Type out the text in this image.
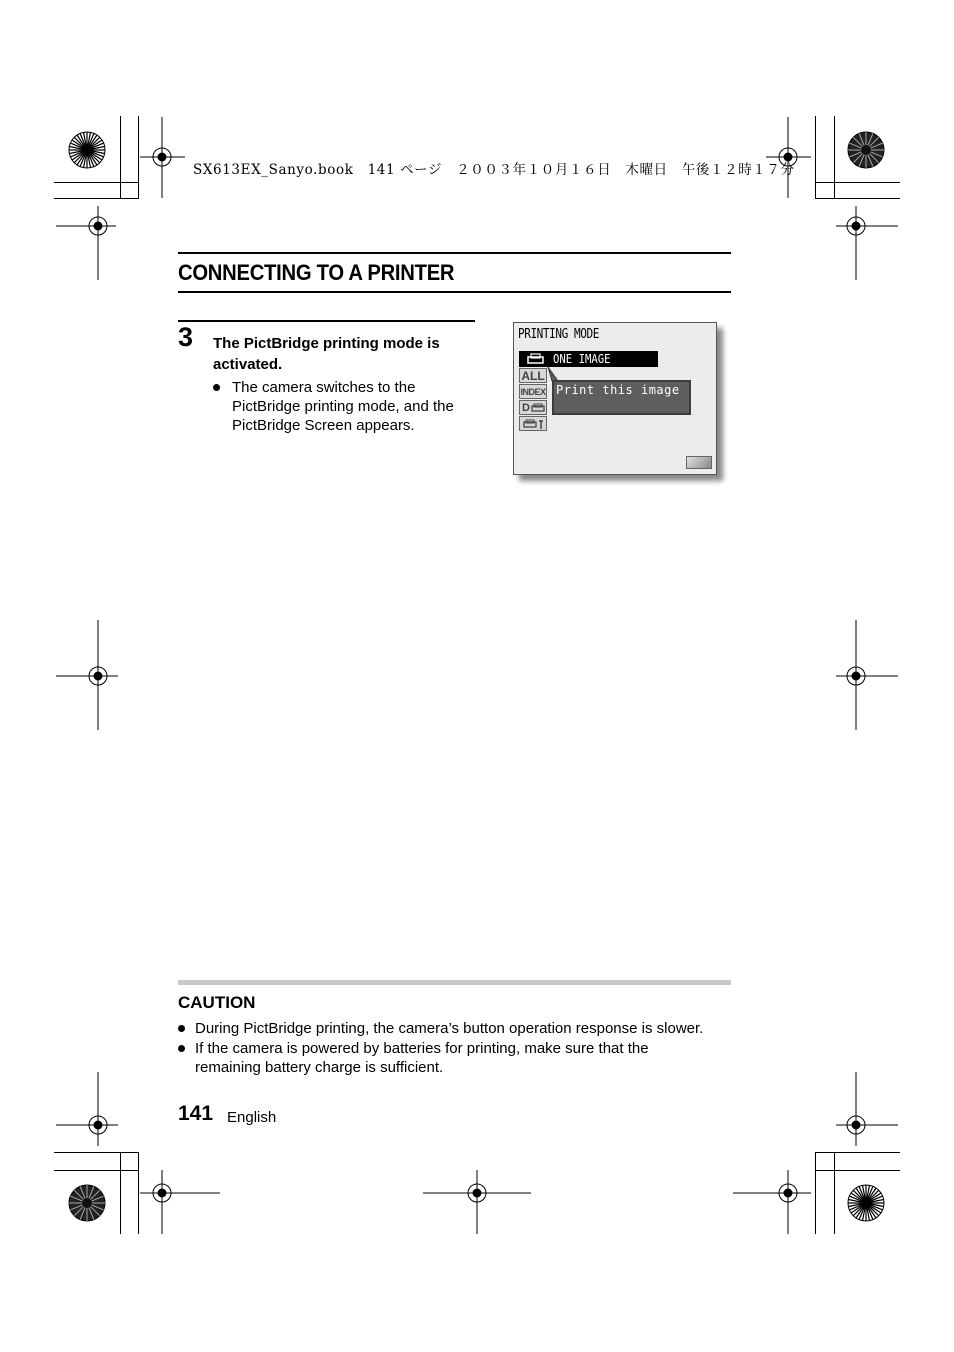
SX613EX_Sanyo.book　141 ページ　２００３年１０月１６日　木曜日　午後１２時１７分
CONNECTING TO A PRINTER
3 The PictBridge printing mode is activated.
The camera switches to the PictBridge printing mode, and the PictBridge Screen appears.
PRINTING MODE
ONE IMAGE
ALL
INDEX
D
Print this image
CAUTION
During PictBridge printing, the camera’s button operation response is slower.
If the camera is powered by batteries for printing, make sure that the remaining battery charge is sufficient.
141 English
